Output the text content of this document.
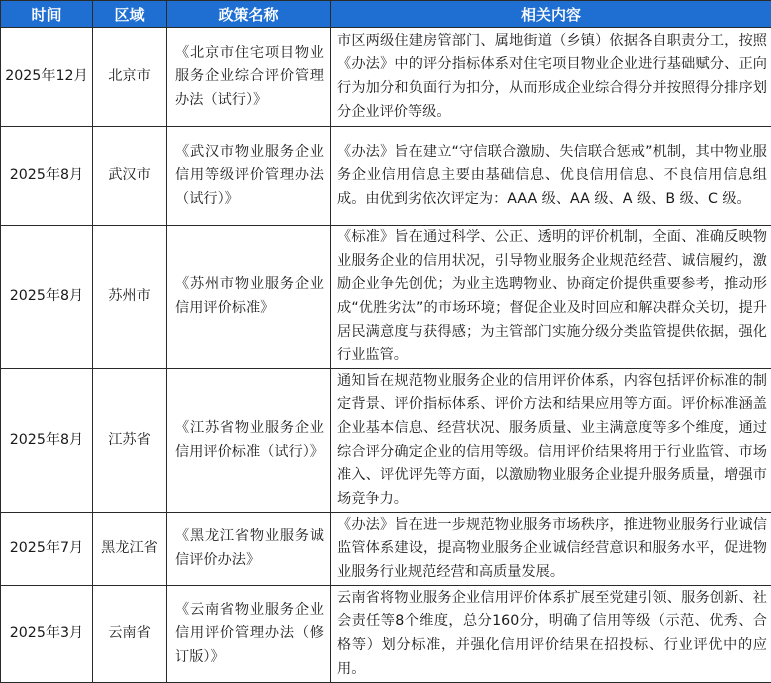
时间	区域	政策名称	相关内容
2025年12月	北京市	《北京市住宅项目物业服务企业综合评价管理办法（试行）》	市区两级住建房管部门、属地街道（乡镇）依据各自职责分工，按照《办法》中的评分指标体系对住宅项目物业企业进行基础赋分、正向行为加分和负面行为扣分，从而形成企业综合得分并按照得分排序划分企业评价等级。
2025年8月	武汉市	《武汉市物业服务企业信用等级评价管理办法（试行）》	《办法》旨在建立“守信联合激励、失信联合惩戒”机制，其中物业服务企业信用信息主要由基础信息、优良信用信息、不良信用信息组成。由优到劣依次评定为：AAA 级、AA 级、A 级、B 级、C 级。
2025年8月	苏州市	《苏州市物业服务企业信用评价标准》	《标准》旨在通过科学、公正、透明的评价机制，全面、准确反映物业服务企业的信用状况，引导物业服务企业规范经营、诚信履约，激励企业争先创优；为业主选聘物业、协商定价提供重要参考，推动形成“优胜劣汰”的市场环境；督促企业及时回应和解决群众关切，提升居民满意度与获得感；为主管部门实施分级分类监管提供依据，强化行业监管。
2025年8月	江苏省	《江苏省物业服务企业信用评价标准（试行）》	通知旨在规范物业服务企业的信用评价体系，内容包括评价标准的制定背景、评价指标体系、评价方法和结果应用等方面。评价标准涵盖企业基本信息、经营状况、服务质量、业主满意度等多个维度，通过综合评分确定企业的信用等级。信用评价结果将用于行业监管、市场准入、评优评先等方面，以激励物业服务企业提升服务质量，增强市场竞争力。
2025年7月	黑龙江省	《黑龙江省物业服务诚信评价办法》	《办法》旨在进一步规范物业服务市场秩序，推进物业服务行业诚信监管体系建设，提高物业服务企业诚信经营意识和服务水平，促进物业服务行业规范经营和高质量发展。
2025年3月	云南省	《云南省物业服务企业信用评价管理办法（修订版）》	云南省将物业服务企业信用评价体系扩展至党建引领、服务创新、社会责任等8个维度，总分160分，明确了信用等级（示范、优秀、合格等）划分标准，并强化信用评价结果在招投标、行业评优中的应用。
